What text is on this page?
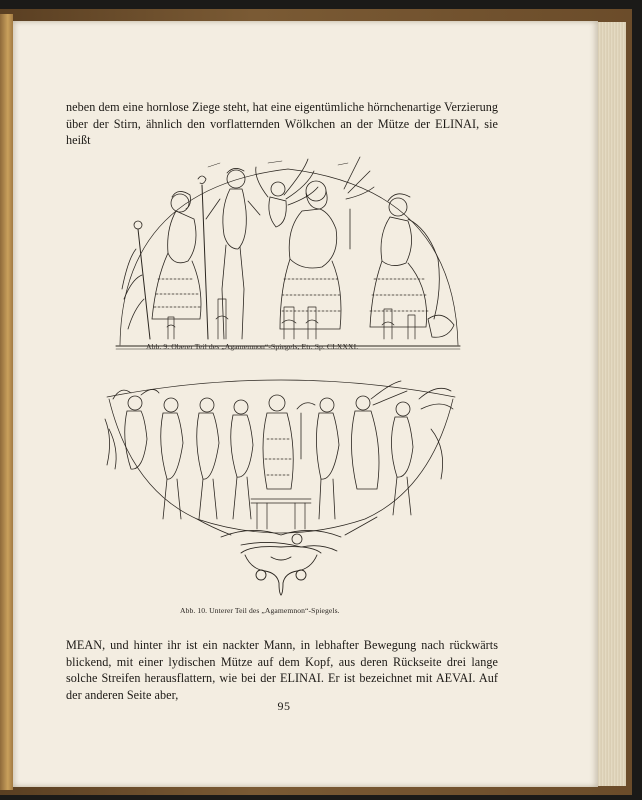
neben dem eine hornlose Ziege steht, hat eine eigentümliche hörnchenartige Verzierung über der Stirn, ähnlich den vorflatternden Wölkchen an der Mütze der ELINAI, sie heißt

Abb. 9. Oberer Teil des „Agamemnon“-Spiegels, Etr. Sp. CLXXXI.
Abb. 10. Unterer Teil des „Agamemnon“-Spiegels.

MEAN, und hinter ihr ist ein nackter Mann, in lebhafter Bewegung nach rückwärts blickend, mit einer lydischen Mütze auf dem Kopf, aus deren Rückseite drei lange solche Streifen herausflattern, wie bei der ELINAI. Er ist bezeichnet mit AEVAI. Auf der anderen Seite aber,

95
